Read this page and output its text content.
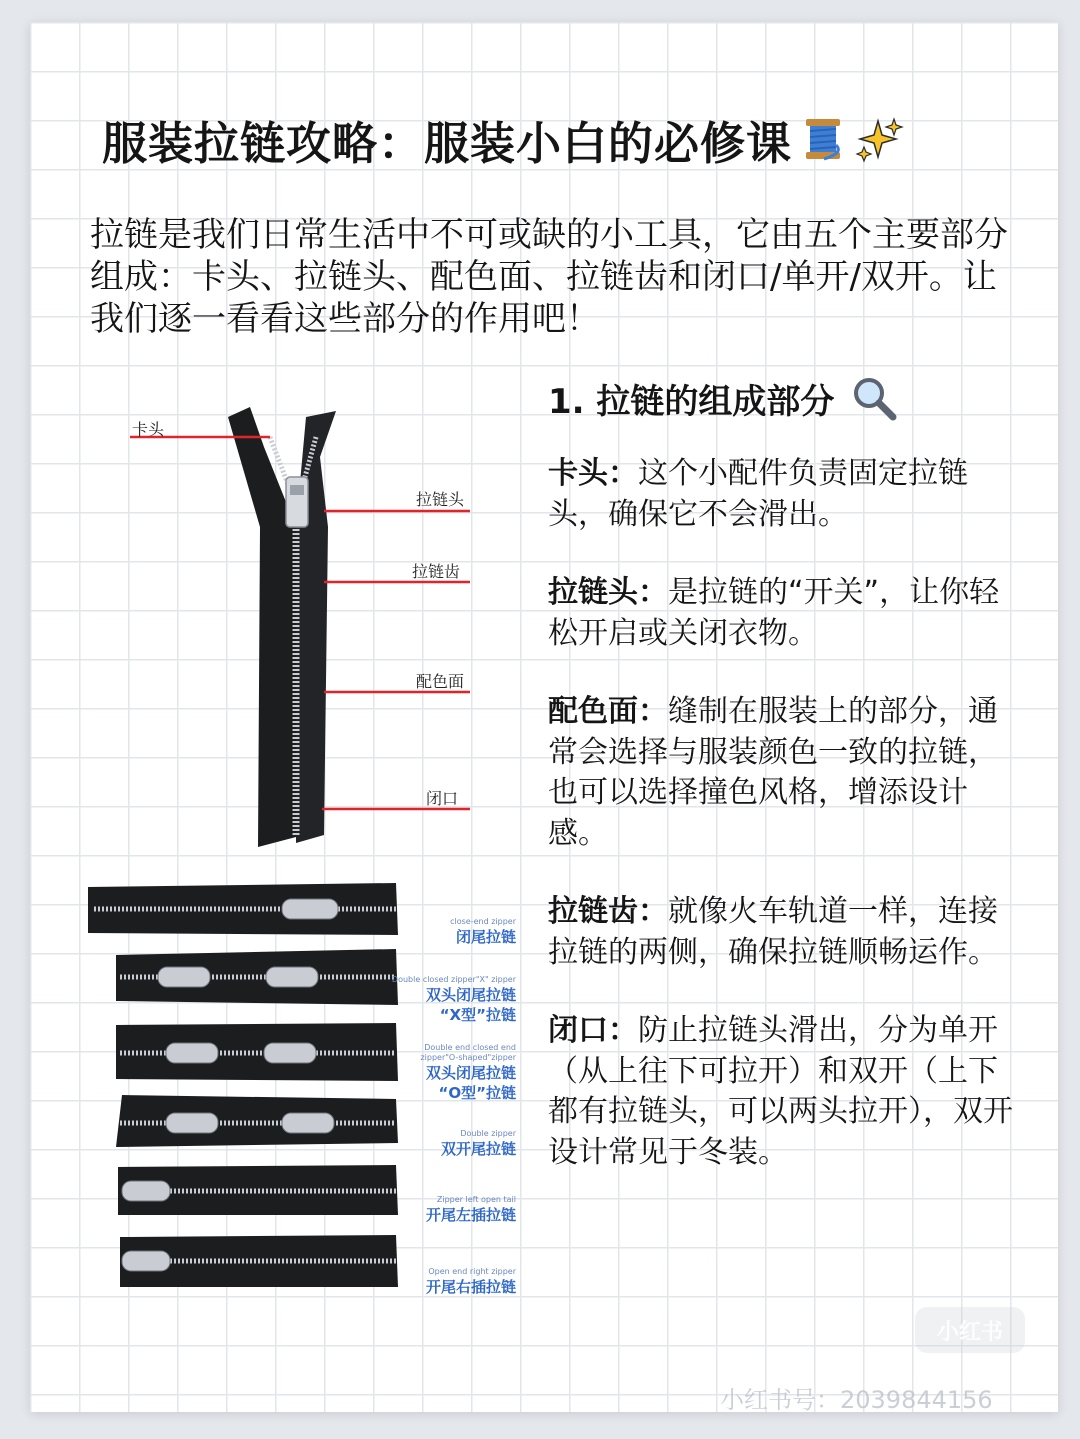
服装拉链攻略：服装小白的必修课
拉链是我们日常生活中不可或缺的小工具，它由五个主要部分组成：卡头、拉链头、配色面、拉链齿和闭口/单开/双开。让我们逐一看看这些部分的作用吧！
卡头
拉链头
拉链齿
配色面
闭口
close-end zipper
闭尾拉链
Double closed zipper"X" zipper
双头闭尾拉链
“X型”拉链
Double end closed end
zipper"O-shaped"zipper
双头闭尾拉链
“O型”拉链
Double zipper
双开尾拉链
Zipper left open tail
开尾左插拉链
Open end right zipper
开尾右插拉链
1. 拉链的组成部分
卡头：这个小配件负责固定拉链头，确保它不会滑出。
拉链头：是拉链的“开关”，让你轻松开启或关闭衣物。
配色面：缝制在服装上的部分，通常会选择与服装颜色一致的拉链，也可以选择撞色风格，增添设计感。
拉链齿：就像火车轨道一样，连接拉链的两侧，确保拉链顺畅运作。
闭口：防止拉链头滑出，分为单开（从上往下可拉开）和双开（上下都有拉链头，可以两头拉开），双开设计常见于冬装。
小红书
小红书号：2039844156
